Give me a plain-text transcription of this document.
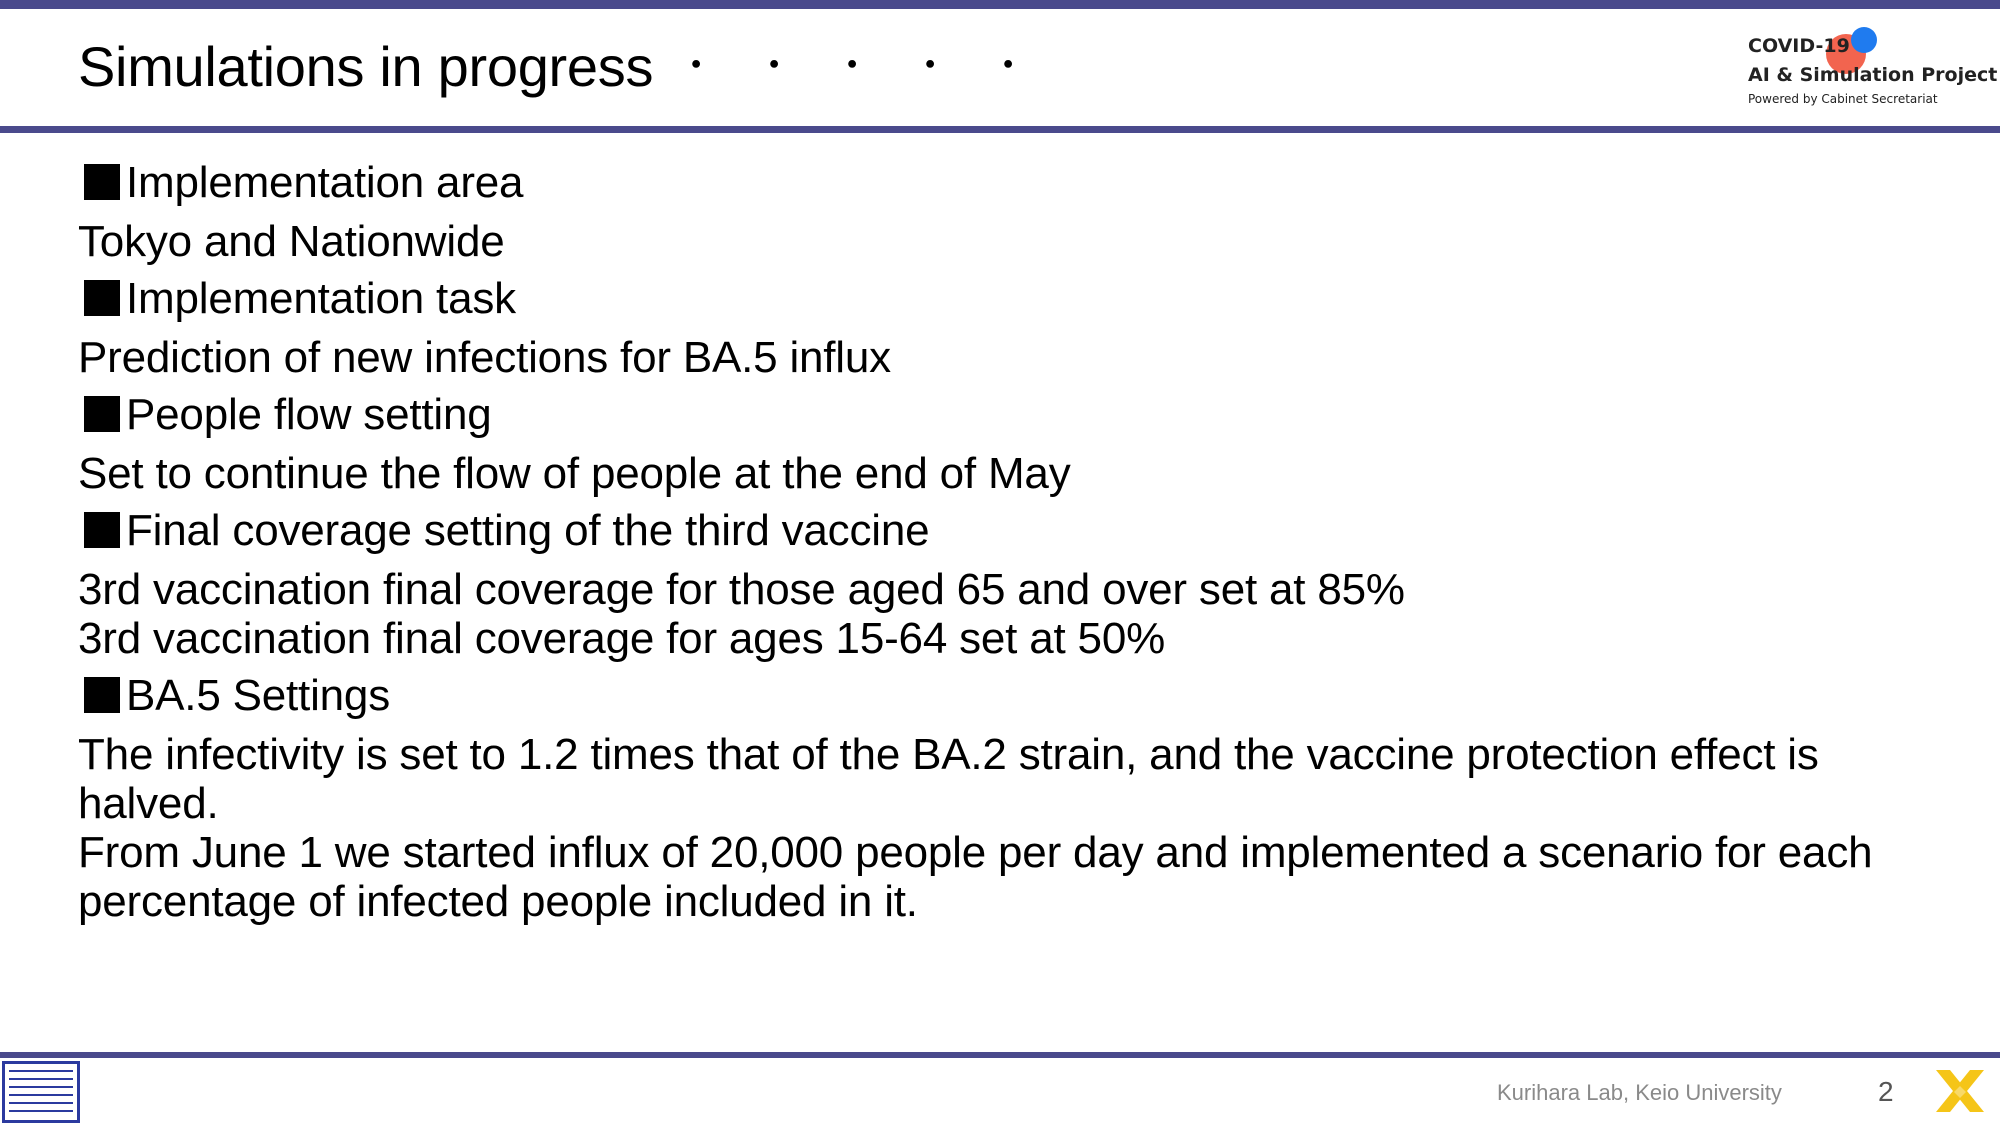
Simulations in progress ・・・・・	COVID-19
AI & Simulation Project
Powered by Cabinet Secretariat
Implementation area

Tokyo and Nationwide

Implementation task

Prediction of new infections for BA.5 influx

People flow setting

Set to continue the flow of people at the end of May

Final coverage setting of the third vaccine

3rd vaccination final coverage for those aged 65 and over set at 85%

3rd vaccination final coverage for ages 15-64 set at 50%

BA.5 Settings

The infectivity is set to 1.2 times that of the BA.2 strain, and the vaccine protection effect is halved.

From June 1 we started influx of 20,000 people per day and implemented a scenario for each percentage of infected people included in it.

Kurihara Lab, Keio University	2
